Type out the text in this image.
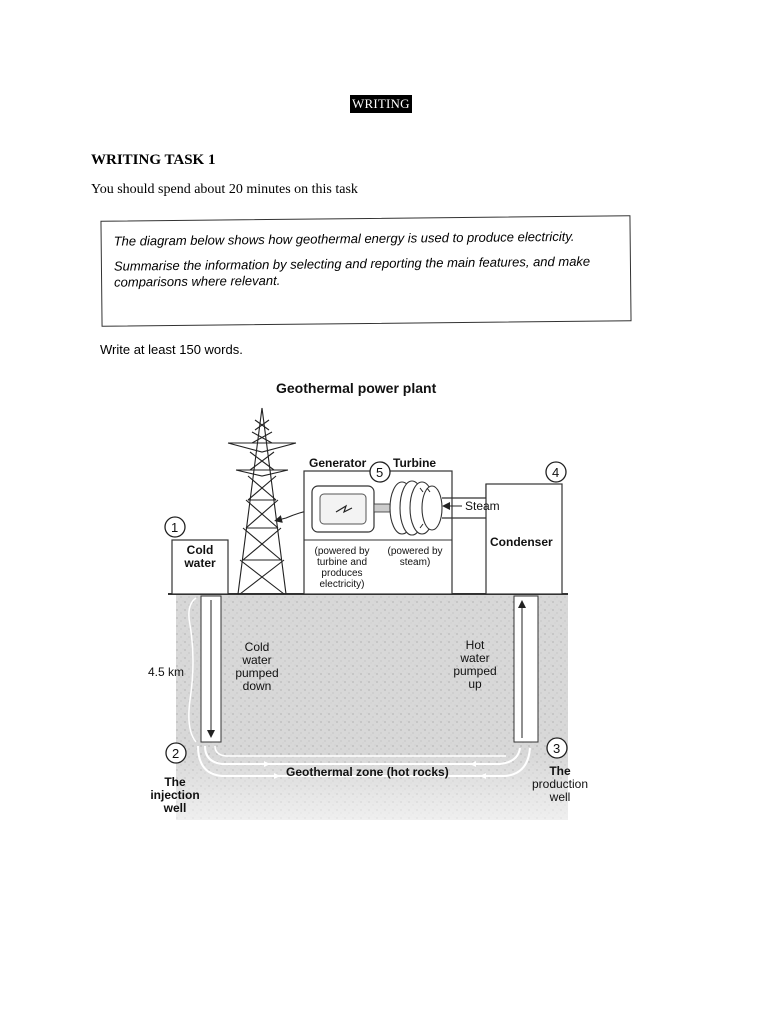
WRITING
WRITING TASK 1
You should spend about 20 minutes on this task

The diagram below shows how geothermal energy is used to produce electricity.

Summarise the information by selecting and reporting the main features, and make comparisons where relevant.

Write at least 150 words.
Geothermal power plant
1
2	3
4
5
Generator Turbine
Steam
Condenser
Cold
water
(powered by
turbine and
produces
electricity)
(powered by
steam)
4.5 km
Cold
water
pumped
down
Hot
water
pumped
up
Geothermal zone (hot rocks)
The
injection
well
The
production
well
